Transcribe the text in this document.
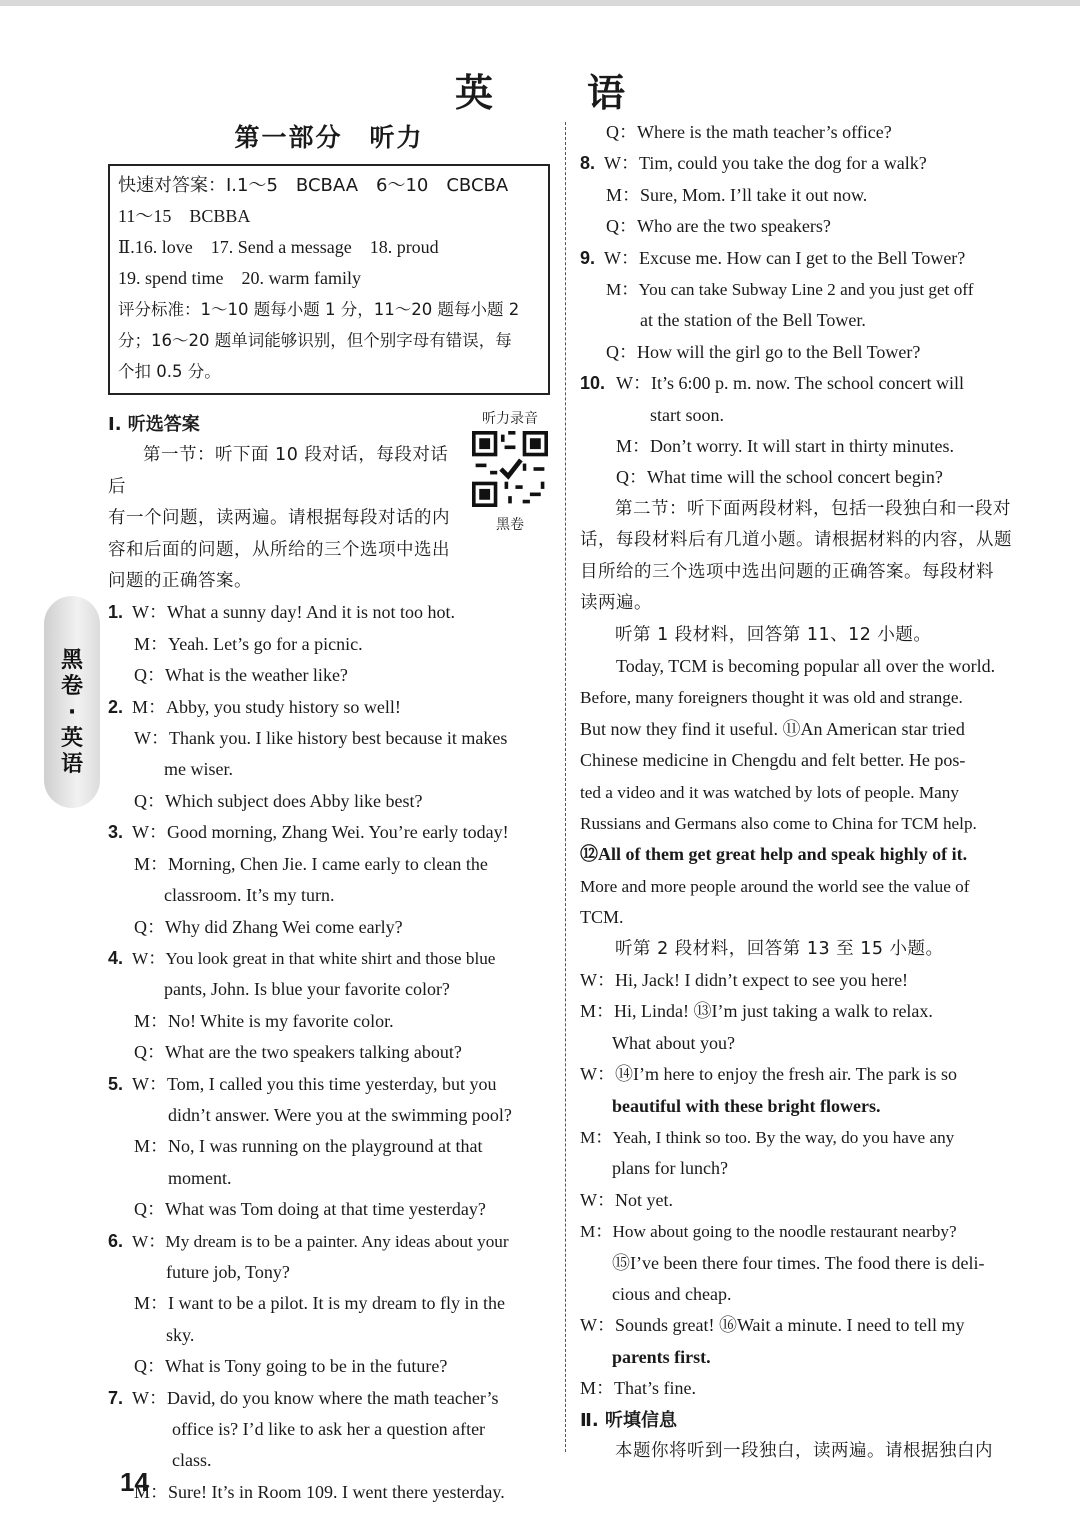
英　语
黑卷·英语
第一部分　听力
快速对答案：Ⅰ.1～5　BCBAA　6～10　CBCBA
11～15　BCBBA
Ⅱ.16. love　17. Send a message　18. proud
19. spend time　20. warm family
评分标准：1～10 题每小题 1 分，11～20 题每小题 2
分；16～20 题单词能够识别，但个别字母有错误，每
个扣 0.5 分。
听力录音
黑卷
Ⅰ. 听选答案
第一节：听下面 10 段对话，每段对话后
有一个问题，读两遍。请根据每段对话的内
容和后面的问题，从所给的三个选项中选出
问题的正确答案。
1. W：What a sunny day! And it is not too hot.
M：Yeah. Let’s go for a picnic.
Q：What is the weather like?
2. M：Abby, you study history so well!
W：Thank you. I like history best because it makes
me wiser.
Q：Which subject does Abby like best?
3. W：Good morning, Zhang Wei. You’re early today!
M：Morning, Chen Jie. I came early to clean the
classroom. It’s my turn.
Q：Why did Zhang Wei come early?
4. W：You look great in that white shirt and those blue
pants, John. Is blue your favorite color?
M：No! White is my favorite color.
Q：What are the two speakers talking about?
5. W：Tom, I called you this time yesterday, but you
didn’t answer. Were you at the swimming pool?
M：No, I was running on the playground at that
moment.
Q：What was Tom doing at that time yesterday?
6. W：My dream is to be a painter. Any ideas about your
future job, Tony?
M：I want to be a pilot. It is my dream to fly in the
sky.
Q：What is Tony going to be in the future?
7. W：David, do you know where the math teacher’s
office is? I’d like to ask her a question after
class.
M：Sure! It’s in Room 109. I went there yesterday.
Q：Where is the math teacher’s office?
8. W：Tim, could you take the dog for a walk?
M：Sure, Mom. I’ll take it out now.
Q：Who are the two speakers?
9. W：Excuse me. How can I get to the Bell Tower?
M：You can take Subway Line 2 and you just get off
at the station of the Bell Tower.
Q：How will the girl go to the Bell Tower?
10. W：It’s 6:00 p. m. now. The school concert will
start soon.
M：Don’t worry. It will start in thirty minutes.
Q：What time will the school concert begin?
第二节：听下面两段材料，包括一段独白和一段对
话，每段材料后有几道小题。请根据材料的内容，从题
目所给的三个选项中选出问题的正确答案。每段材料
读两遍。
听第 1 段材料，回答第 11、12 小题。
Today, TCM is becoming popular all over the world.
Before, many foreigners thought it was old and strange.
But now they find it useful. ⑪An American star tried
Chinese medicine in Chengdu and felt better. He pos-
ted a video and it was watched by lots of people. Many
Russians and Germans also come to China for TCM help.
⑫All of them get great help and speak highly of it.
More and more people around the world see the value of
TCM.
听第 2 段材料，回答第 13 至 15 小题。
W：Hi, Jack! I didn’t expect to see you here!
M：Hi, Linda! ⑬I’m just taking a walk to relax.
What about you?
W：⑭I’m here to enjoy the fresh air. The park is so
beautiful with these bright flowers.
M：Yeah, I think so too. By the way, do you have any
plans for lunch?
W：Not yet.
M：How about going to the noodle restaurant nearby?
⑮I’ve been there four times. The food there is deli-
cious and cheap.
W：Sounds great! ⑯Wait a minute. I need to tell my
parents first.
M：That’s fine.
Ⅱ. 听填信息
本题你将听到一段独白，读两遍。请根据独白内
14
